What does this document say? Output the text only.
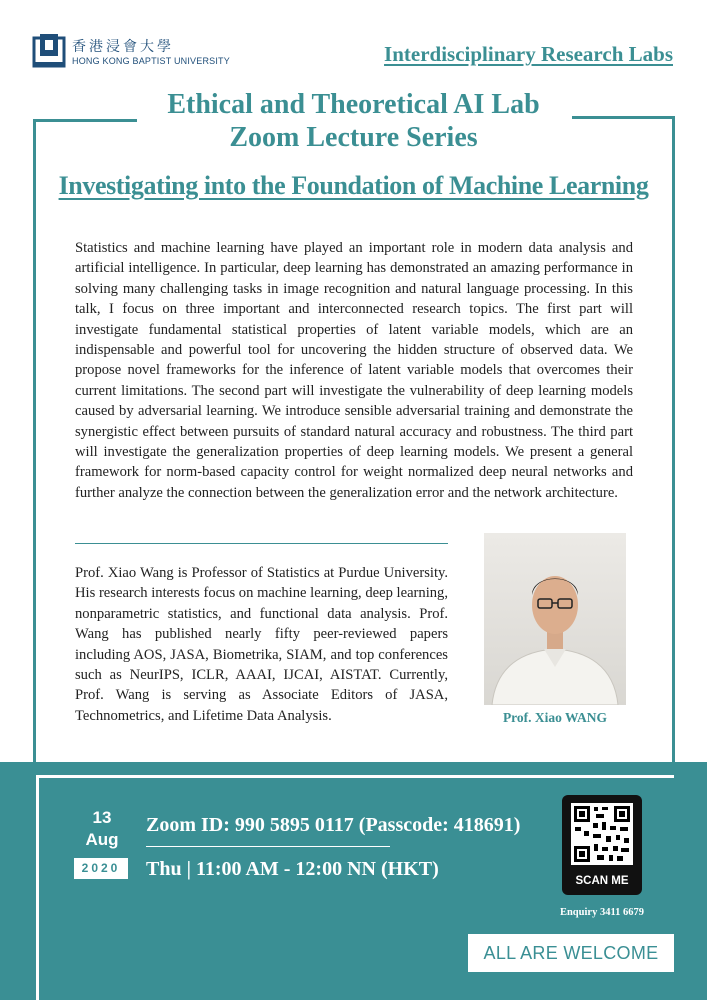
香港浸會大學
HONG KONG BAPTIST UNIVERSITY	Interdisciplinary Research Labs
Ethical and Theoretical AI Lab
Zoom Lecture Series
Investigating into the Foundation of Machine Learning
Statistics and machine learning have played an important role in modern data analysis and artificial intelligence. In particular, deep learning has demonstrated an amazing performance in solving many challenging tasks in image recognition and natural language processing. In this talk, I focus on three important and interconnected research topics. The first part will investigate fundamental statistical properties of latent variable models, which are an indispensable and powerful tool for uncovering the hidden structure of observed data. We propose novel frameworks for the inference of latent variable models that overcomes their current limitations. The second part will investigate the vulnerability of deep learning models caused by adversarial learning. We introduce sensible adversarial training and demonstrate the synergistic effect between pursuits of standard natural accuracy and robustness. The third part will investigate the generalization properties of deep learning models. We present a general framework for norm-based capacity control for weight normalized deep neural networks and further analyze the connection between the generalization error and the network architecture.
Prof. Xiao Wang is Professor of Statistics at Purdue University. His research interests focus on machine learning, deep learning, nonparametric statistics, and functional data analysis. Prof. Wang has published nearly fifty peer-reviewed papers including AOS, JASA, Biometrika, SIAM, and top conferences such as NeurIPS, ICLR, AAAI, IJCAI, AISTAT. Currently, Prof. Wang is serving as Associate Editors of JASA, Technometrics, and Lifetime Data Analysis.	Prof. Xiao WANG
13
Aug
2020
Zoom ID: 990 5895 0117 (Passcode: 418691)
Thu | 11:00 AM - 12:00 NN (HKT)
SCAN ME
Enquiry 3411 6679
ALL ARE WELCOME
